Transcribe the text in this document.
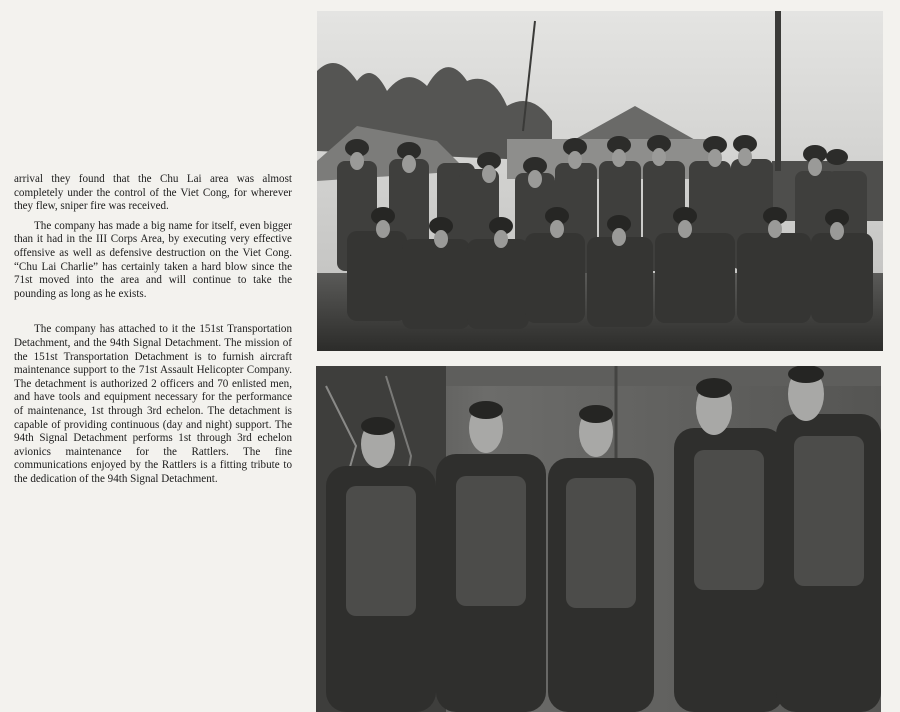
arrival they found that the Chu Lai area was almost completely under the control of the Viet Cong, for wherever they flew, sniper fire was received.

The company has made a big name for itself, even bigger than it had in the III Corps Area, by executing very effective offensive as well as defensive destruction on the Viet Cong. “Chu Lai Charlie” has certainly taken a hard blow since the 71st moved into the area and will continue to take the pounding as long as he exists.

The company has attached to it the 151st Transportation Detachment, and the 94th Signal Detachment. The mission of the 151st Transportation Detachment is to furnish aircraft maintenance support to the 71st Assault Helicopter Company. The detachment is authorized 2 officers and 70 enlisted men, and have tools and equipment necessary for the performance of maintenance, 1st through 3rd echelon. The detachment is capable of providing continuous (day and night) support. The 94th Signal Detachment performs 1st through 3rd echelon avionics maintenance for the Rattlers. The fine communications enjoyed by the Rattlers is a fitting tribute to the dedication of the 94th Signal Detachment.
